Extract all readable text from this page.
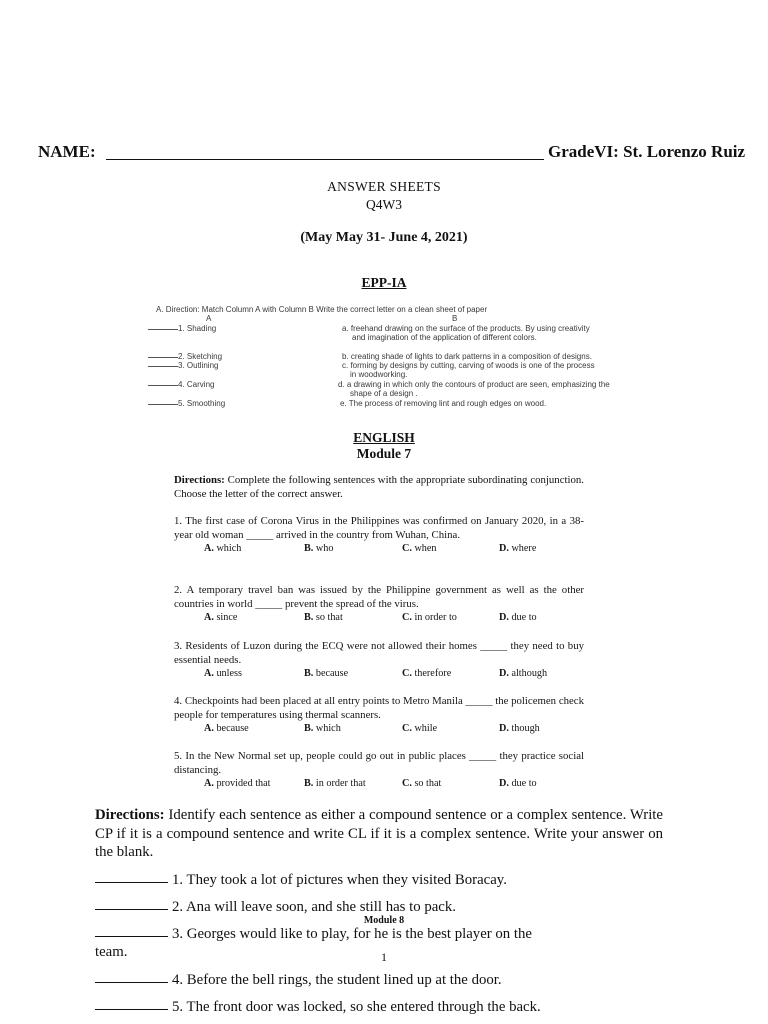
NAME:	GradeVI: St. Lorenzo Ruiz
ANSWER SHEETS
Q4W3
(May May 31- June 4, 2021)
EPP-IA
A. Direction: Match Column A with Column B Write the correct letter on a clean sheet of paper
A	B
1. Shading	a. freehand drawing on the surface of the products. By using creativity
and imagination of the application of different colors.
2. Sketching	b. creating shade of lights to dark patterns in a composition of designs.
3. Outlining	c. forming by designs by cutting, carving of woods is one of the process
in woodworking.
4. Carving	d. a drawing in which only the contours of product are seen, emphasizing the
shape of a design .
5. Smoothing	e. The process of removing lint and rough edges on wood.
ENGLISH
Module 7
Directions: Complete the following sentences with the appropriate subordinating conjunction. Choose the letter of the correct answer.

1. The first case of Corona Virus in the Philippines was confirmed on January 2020, in a 38-year old woman _____ arrived in the country from Wuhan, China.

A. which	B. who	C. when	D. where

2. A temporary travel ban was issued by the Philippine government as well as the other countries in world _____ prevent the spread of the virus.

A. since	B. so that	C. in order to	D. due to

3. Residents of Luzon during the ECQ were not allowed their homes _____ they need to buy essential needs.

A. unless	B. because	C. therefore	D. although

4. Checkpoints had been placed at all entry points to Metro Manila _____ the policemen check people for temperatures using thermal scanners.

A. because	B. which	C. while	D. though

5. In the New Normal set up, people could go out in public places _____ they practice social distancing.

A. provided that	B. in order that	C. so that	D. due to
Directions: Identify each sentence as either a compound sentence or a complex sentence. Write CP if it is a compound sentence and write CL if it is a complex sentence. Write your answer on the blank.
1. They took a lot of pictures when they visited Boracay.
2. Ana will leave soon, and she still has to pack.
Module 8
3. Georges would like to play, for he is the best player on the
team.	1
4. Before the bell rings, the student lined up at the door.
5. The front door was locked, so she entered through the back.
